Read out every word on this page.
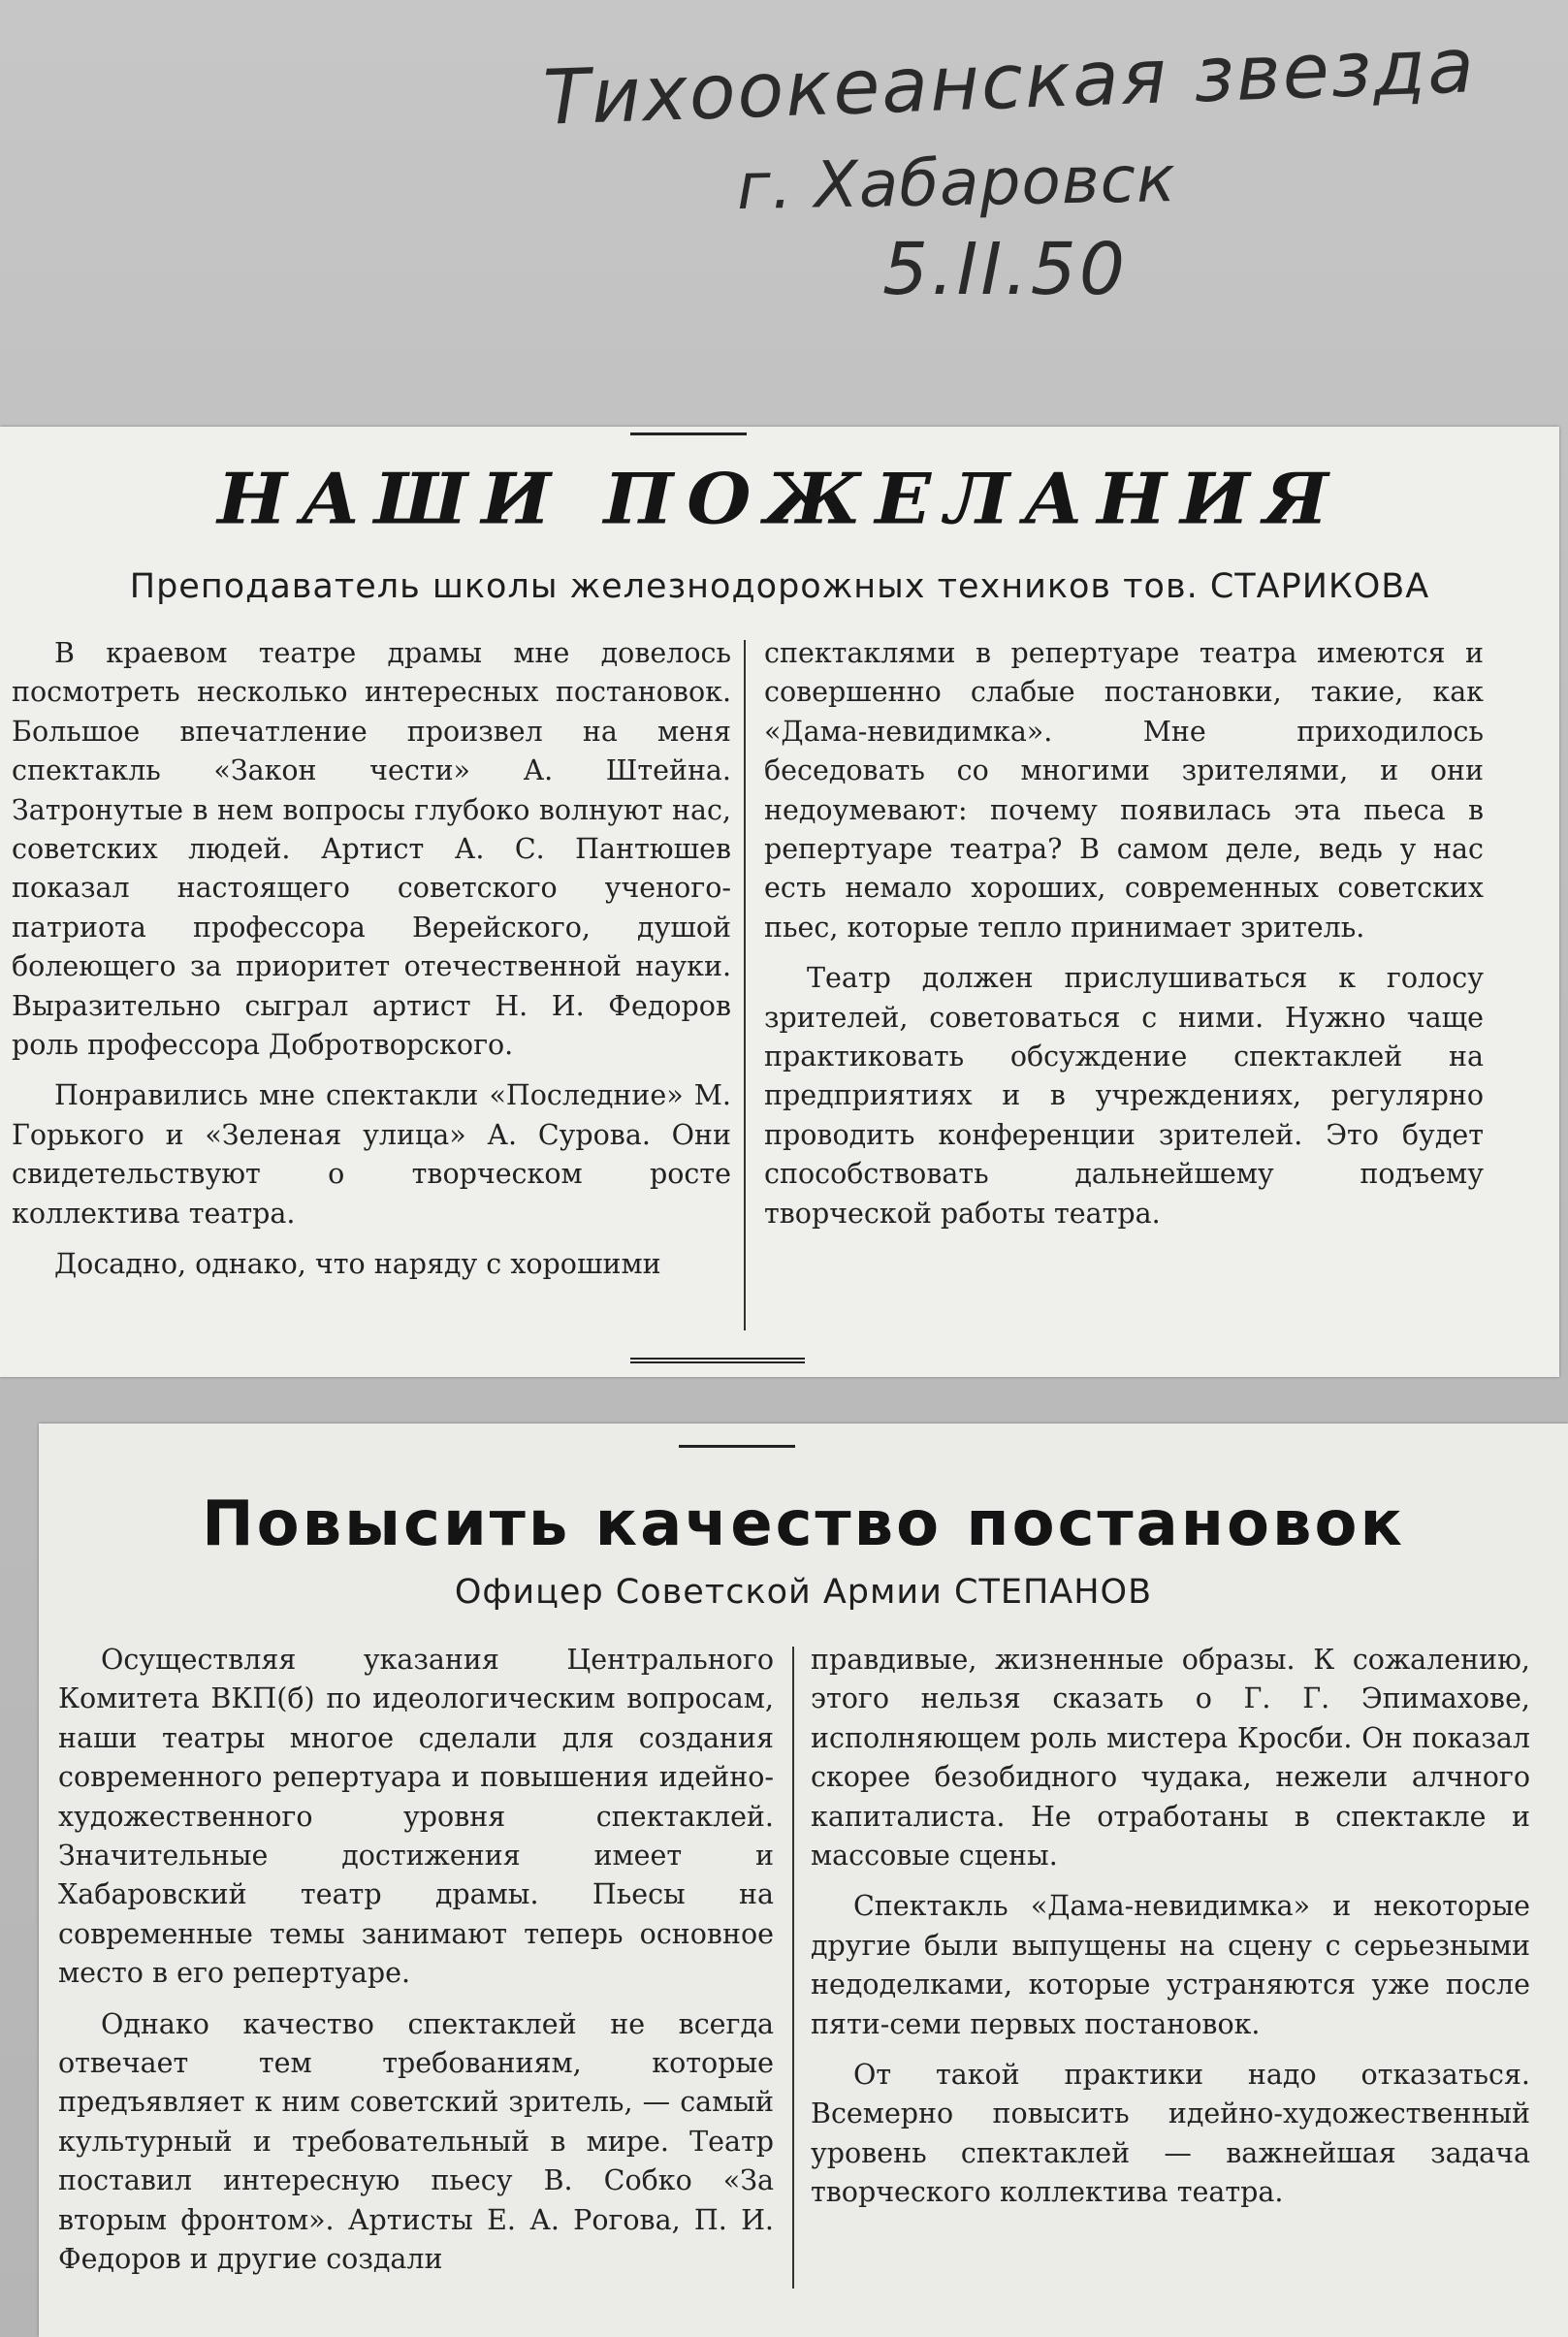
Тихоокеанская звезда
г. Хабаровск
5.II.50
НАШИ ПОЖЕЛАНИЯ
Преподаватель школы железнодорожных техников тов. СТАРИКОВА

В краевом театре драмы мне довелось посмотреть несколько интересных постановок. Большое впечатление произвел на меня спектакль «Закон чести» А. Штейна. Затронутые в нем вопросы глубоко волнуют нас, советских людей. Артист А. С. Пантюшев показал настоящего советского ученого-патриота профессора Верейского, душой болеющего за приоритет отечественной науки. Выразительно сыграл артист Н. И. Федоров роль профессора Добротворского.

Понравились мне спектакли «Последние» М. Горького и «Зеленая улица» А. Сурова. Они свидетельствуют о творческом росте коллектива театра.

Досадно, однако, что наряду с хорошими

спектаклями в репертуаре театра имеются и совершенно слабые постановки, такие, как «Дама-невидимка». Мне приходилось беседовать со многими зрителями, и они недоумевают: почему появилась эта пьеса в репертуаре театра? В самом деле, ведь у нас есть немало хороших, современных советских пьес, которые тепло принимает зритель.

Театр должен прислушиваться к голосу зрителей, советоваться с ними. Нужно чаще практиковать обсуждение спектаклей на предприятиях и в учреждениях, регулярно проводить конференции зрителей. Это будет способствовать дальнейшему подъему творческой работы театра.

Повысить качество постановок
Офицер Советской Армии СТЕПАНОВ

Осуществляя указания Центрального Комитета ВКП(б) по идеологическим вопросам, наши театры многое сделали для создания современного репертуара и повышения идейно-художественного уровня спектаклей. Значительные достижения имеет и Хабаровский театр драмы. Пьесы на современные темы занимают теперь основное место в его репертуаре.

Однако качество спектаклей не всегда отвечает тем требованиям, которые предъявляет к ним советский зритель, — самый культурный и требовательный в мире. Театр поставил интересную пьесу В. Собко «За вторым фронтом». Артисты Е. А. Рогова, П. И. Федоров и другие создали

правдивые, жизненные образы. К сожалению, этого нельзя сказать о Г. Г. Эпимахове, исполняющем роль мистера Кросби. Он показал скорее безобидного чудака, нежели алчного капиталиста. Не отработаны в спектакле и массовые сцены.

Спектакль «Дама-невидимка» и некоторые другие были выпущены на сцену с серьезными недоделками, которые устраняются уже после пяти-семи первых постановок.

От такой практики надо отказаться. Всемерно повысить идейно-художественный уровень спектаклей — важнейшая задача творческого коллектива театра.
